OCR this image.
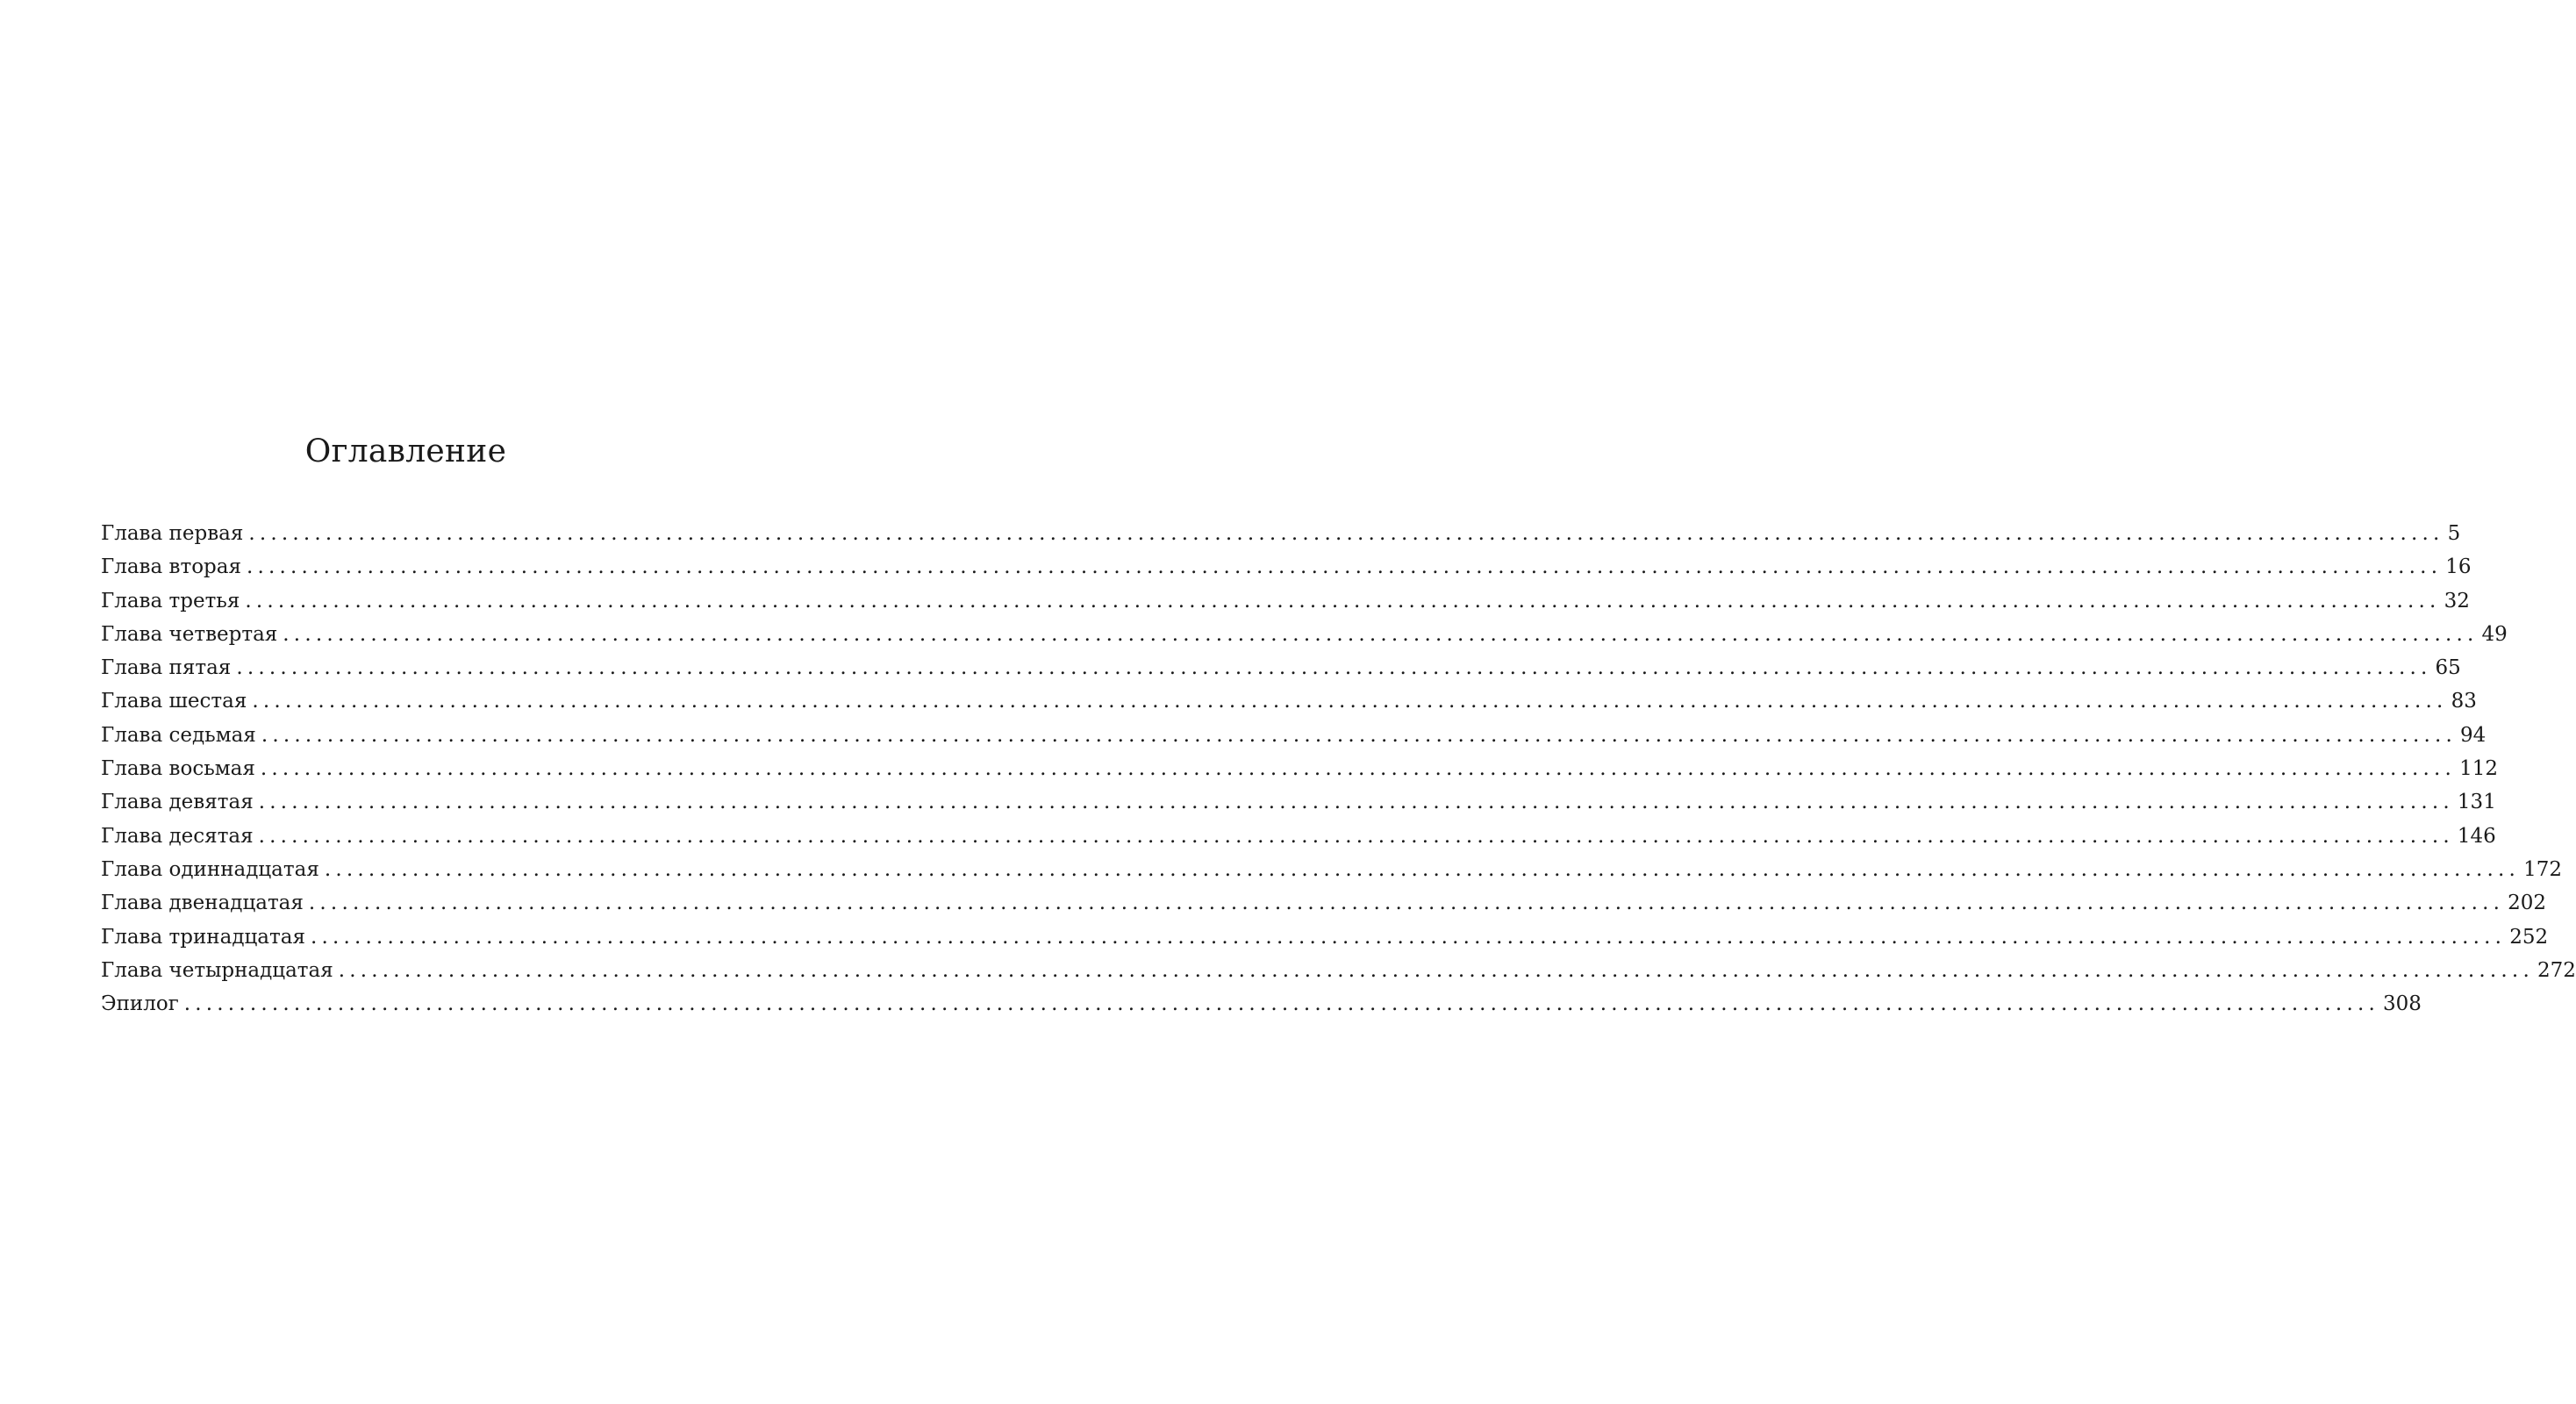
Оглавление
Глава первая ........................................................................................................................................................................................................ 5
Глава вторая ........................................................................................................................................................................................................ 16
Глава третья ........................................................................................................................................................................................................ 32
Глава четвертая ........................................................................................................................................................................................................ 49
Глава пятая ........................................................................................................................................................................................................ 65
Глава шестая ........................................................................................................................................................................................................ 83
Глава седьмая ........................................................................................................................................................................................................ 94
Глава восьмая ........................................................................................................................................................................................................ 112
Глава девятая ........................................................................................................................................................................................................ 131
Глава десятая ........................................................................................................................................................................................................ 146
Глава одиннадцатая ........................................................................................................................................................................................................ 172
Глава двенадцатая ........................................................................................................................................................................................................ 202
Глава тринадцатая ........................................................................................................................................................................................................ 252
Глава четырнадцатая ........................................................................................................................................................................................................ 272
Эпилог ........................................................................................................................................................................................................ 308
